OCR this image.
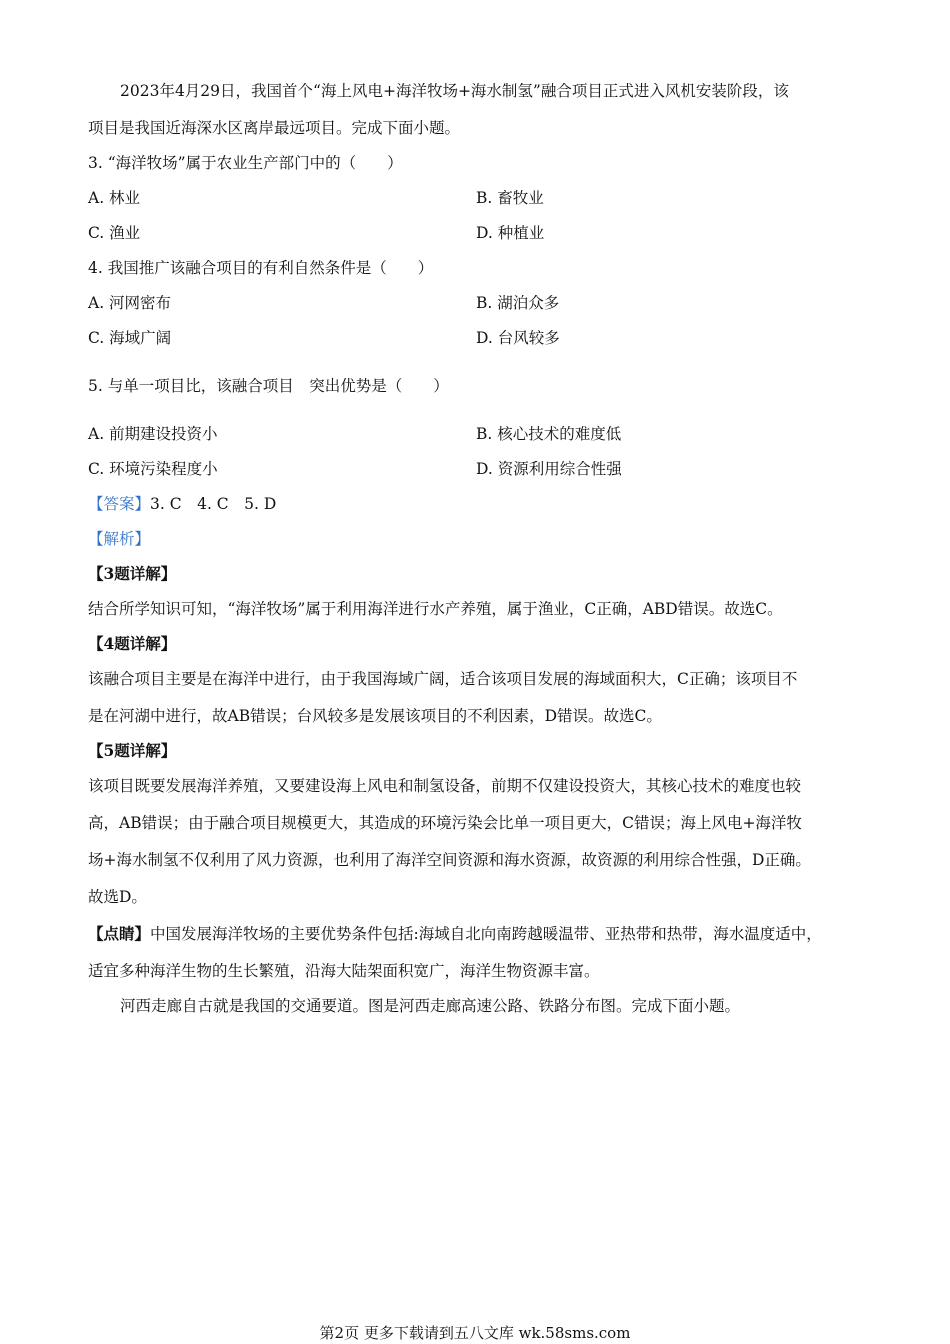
2023年4月29日，我国首个“海上风电+海洋牧场+海水制氢”融合项目正式进入风机安装阶段，该
项目是我国近海深水区离岸最远项目。完成下面小题。
3. “海洋牧场”属于农业生产部门中的（　　）
A. 林业	B. 畜牧业
C. 渔业	D. 种植业
4. 我国推广该融合项目的有利自然条件是（　　）
A. 河网密布	B. 湖泊众多
C. 海域广阔	D. 台风较多
5. 与单一项目比，该融合项目　突出优势是（　　）
A. 前期建设投资小	B. 核心技术的难度低
C. 环境污染程度小	D. 资源利用综合性强
【答案】3. C　4. C　5. D
【解析】
【3题详解】
结合所学知识可知，“海洋牧场”属于利用海洋进行水产养殖，属于渔业，C正确，ABD错误。故选C。
【4题详解】
该融合项目主要是在海洋中进行，由于我国海域广阔，适合该项目发展的海域面积大，C正确；该项目不
是在河湖中进行，故AB错误；台风较多是发展该项目的不利因素，D错误。故选C。
【5题详解】
该项目既要发展海洋养殖，又要建设海上风电和制氢设备，前期不仅建设投资大，其核心技术的难度也较
高，AB错误；由于融合项目规模更大，其造成的环境污染会比单一项目更大，C错误；海上风电+海洋牧
场+海水制氢不仅利用了风力资源，也利用了海洋空间资源和海水资源，故资源的利用综合性强，D正确。
故选D。
【点睛】中国发展海洋牧场的主要优势条件包括:海域自北向南跨越暖温带、亚热带和热带，海水温度适中，
适宜多种海洋生物的生长繁殖，沿海大陆架面积宽广，海洋生物资源丰富。
河西走廊自古就是我国的交通要道。图是河西走廊高速公路、铁路分布图。完成下面小题。
第2页 更多下载请到五八文库 wk.58sms.com
